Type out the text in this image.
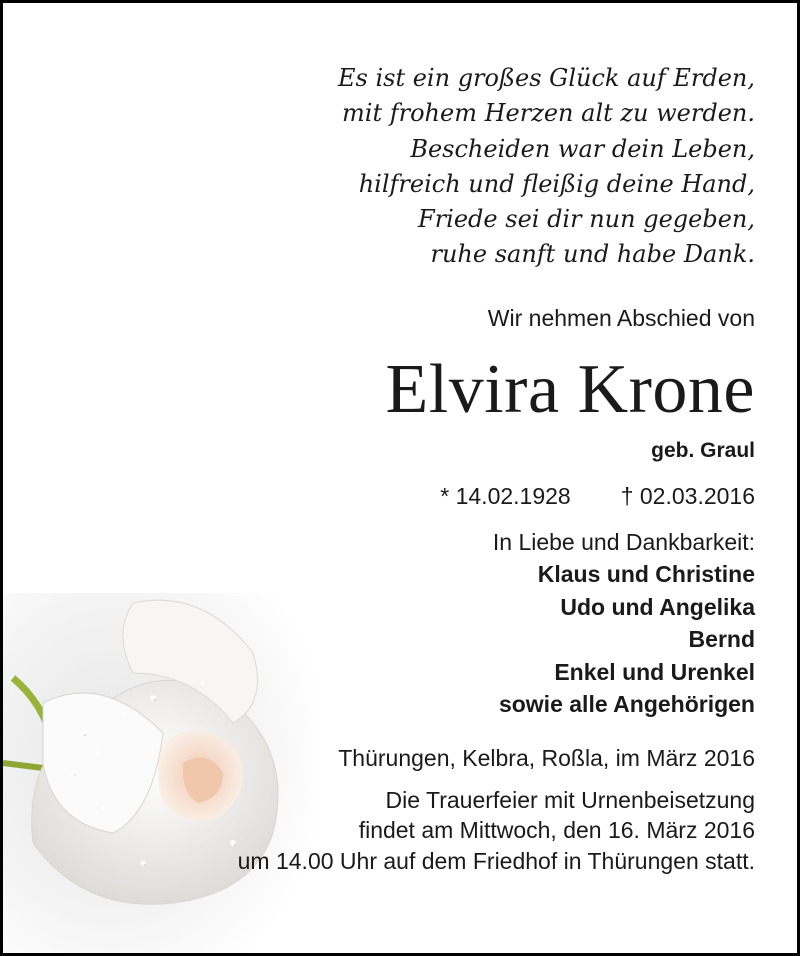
Es ist ein großes Glück auf Erden,
mit frohem Herzen alt zu werden.
Bescheiden war dein Leben,
hilfreich und fleißig deine Hand,
Friede sei dir nun gegeben,
ruhe sanft und habe Dank.

Wir nehmen Abschied von
Elvira Krone
geb. Graul
* 14.02.1928 † 02.03.2016
In Liebe und Dankbarkeit:
Klaus und Christine
Udo und Angelika
Bernd
Enkel und Urenkel
sowie alle Angehörigen
Thürungen, Kelbra, Roßla, im März 2016
Die Trauerfeier mit Urnenbeisetzung
findet am Mittwoch, den 16. März 2016
um 14.00 Uhr auf dem Friedhof in Thürungen statt.
